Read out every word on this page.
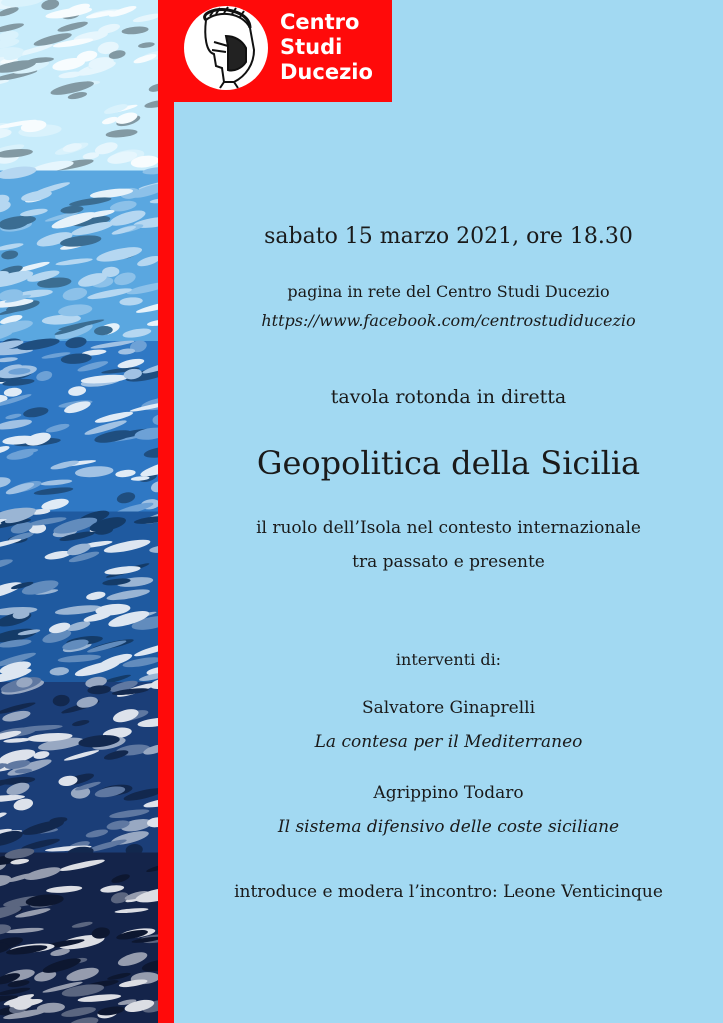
Centro
Studi
Ducezio
sabato 15 marzo 2021, ore 18.30
pagina in rete del Centro Studi Ducezio
https://www.facebook.com/centrostudiducezio
tavola rotonda in diretta
Geopolitica della Sicilia
il ruolo dell’Isola nel contesto internazionale
tra passato e presente
interventi di:
Salvatore Ginaprelli
La contesa per il Mediterraneo
Agrippino Todaro
Il sistema difensivo delle coste siciliane
introduce e modera l’incontro: Leone Venticinque
